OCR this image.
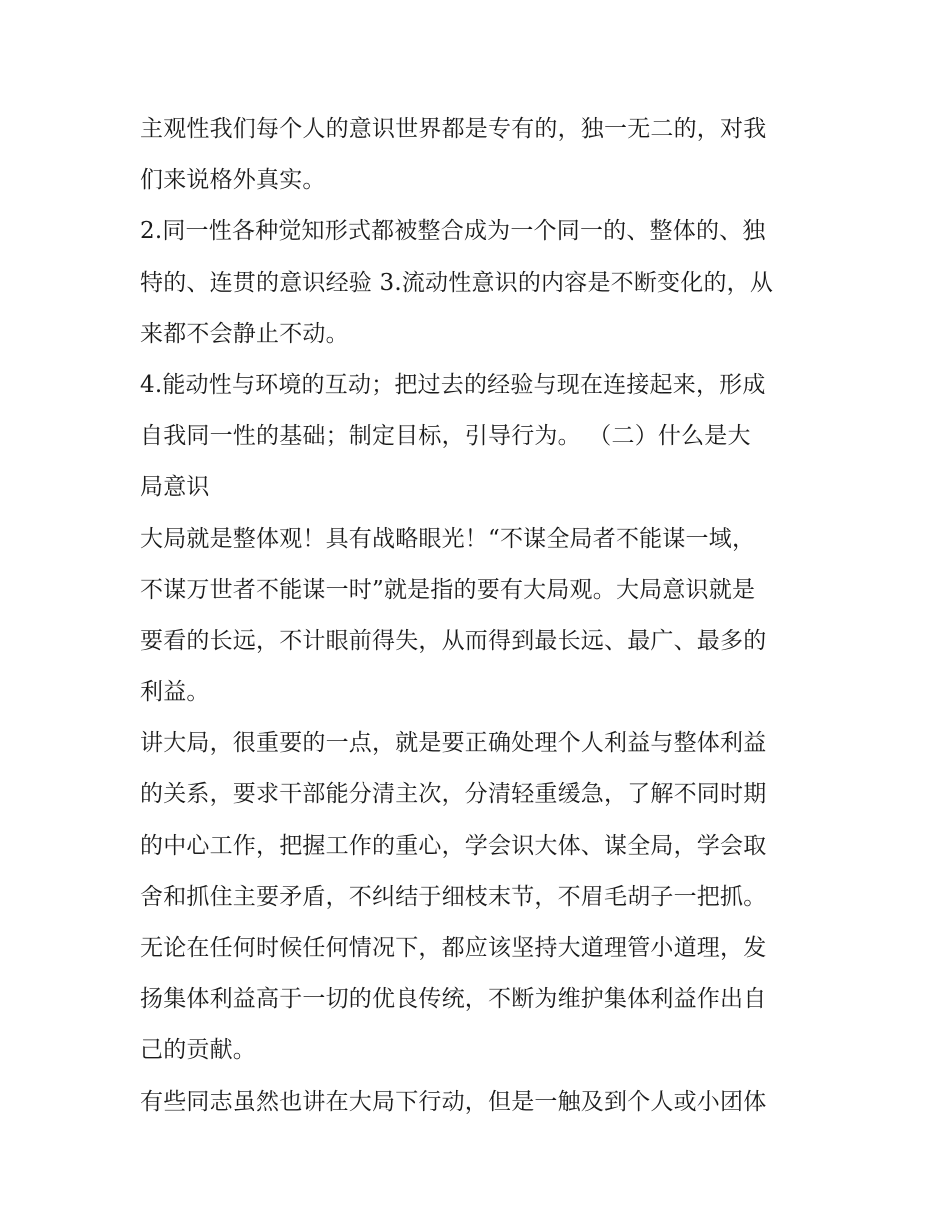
主观性我们每个人的意识世界都是专有的，独一无二的，对我
们来说格外真实。
2.同一性各种觉知形式都被整合成为一个同一的、整体的、独
特的、连贯的意识经验 3.流动性意识的内容是不断变化的，从
来都不会静止不动。
4.能动性与环境的互动；把过去的经验与现在连接起来，形成
自我同一性的基础；制定目标，引导行为。 （二）什么是大
局意识
大局就是整体观！具有战略眼光！“不谋全局者不能谋一域，
不谋万世者不能谋一时”就是指的要有大局观。大局意识就是
要看的长远，不计眼前得失，从而得到最长远、最广、最多的
利益。
讲大局，很重要的一点，就是要正确处理个人利益与整体利益
的关系，要求干部能分清主次，分清轻重缓急，了解不同时期
的中心工作，把握工作的重心，学会识大体、谋全局，学会取
舍和抓住主要矛盾，不纠结于细枝末节，不眉毛胡子一把抓。
无论在任何时候任何情况下，都应该坚持大道理管小道理，发
扬集体利益高于一切的优良传统，不断为维护集体利益作出自
己的贡献。
有些同志虽然也讲在大局下行动，但是一触及到个人或小团体
